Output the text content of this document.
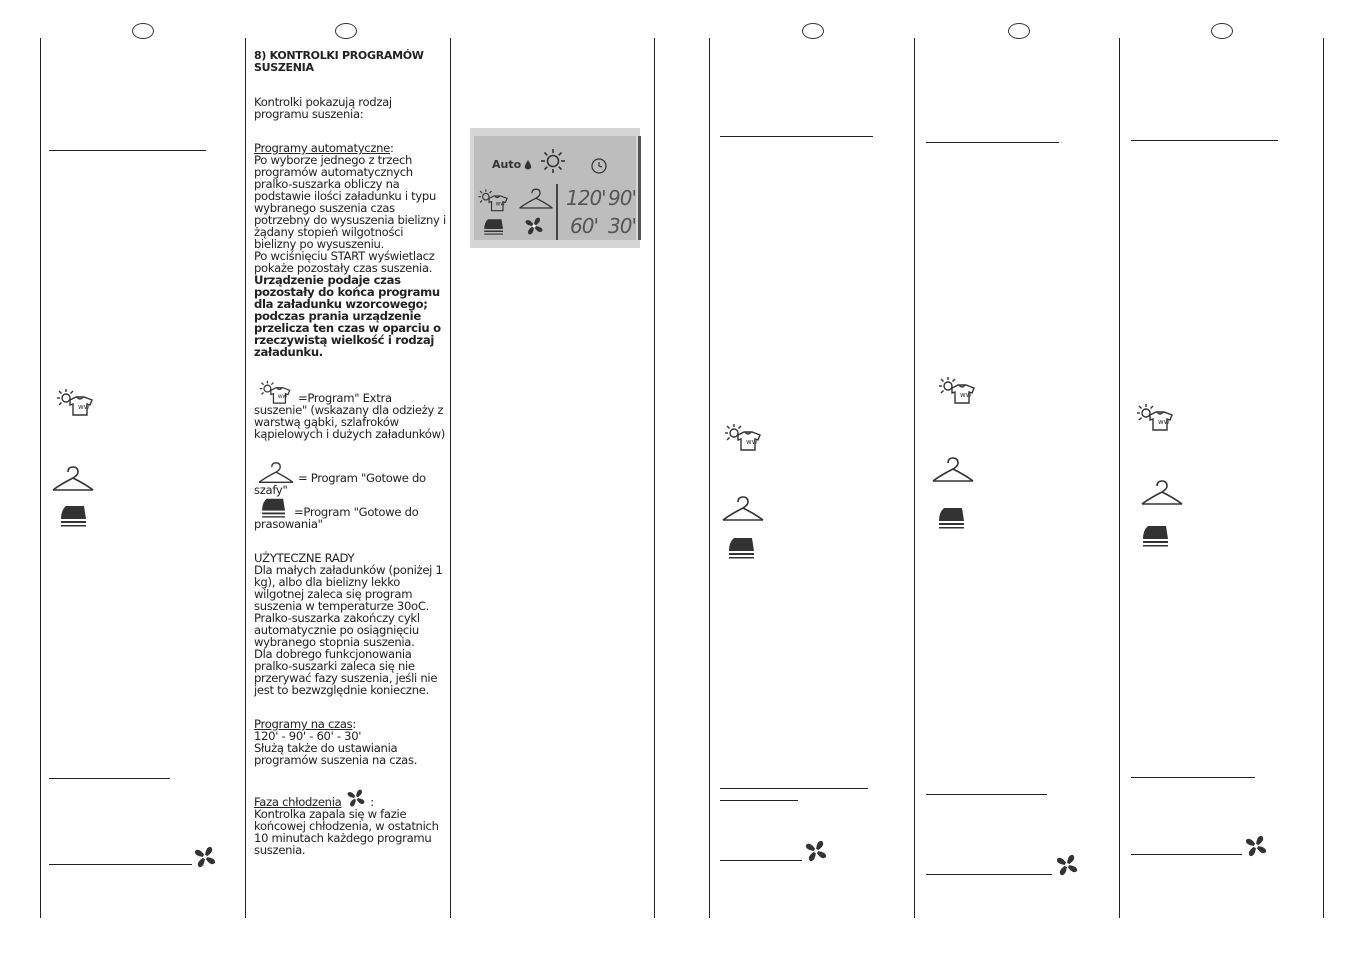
8) KONTROLKI PROGRAMÓW SUSZENIA

Kontrolki pokazują rodzaj programu suszenia:

Programy automatyczne:

Po wyborze jednego z trzech programów automatycznych pralko-suszarka obliczy na podstawie ilości załadunku i typu wybranego suszenia czas potrzebny do wysuszenia bielizny i żądany stopień wilgotności bielizny po wysuszeniu.

Po wciśnięciu START wyświetlacz pokaże pozostały czas suszenia.

Urządzenie podaje czas pozostały do końca programu dla załadunku wzorcowego; podczas prania urządzenie przelicza ten czas w oparciu o rzeczywistą wielkość i rodzaj załadunku.

=Program" Extra suszenie" (wskazany dla odzieży z warstwą gąbki, szlafroków kąpielowych i dużych załadunków)

= Program "Gotowe do szafy"

=Program "Gotowe do prasowania"

UŻYTECZNE RADY

Dla małych załadunków (poniżej 1 kg), albo dla bielizny lekko wilgotnej zaleca się program suszenia w temperaturze 30oC.

Pralko-suszarka zakończy cykl automatycznie po osiągnięciu wybranego stopnia suszenia.

Dla dobrego funkcjonowania pralko-suszarki zaleca się nie przerywać fazy suszenia, jeśli nie jest to bezwzględnie konieczne.

Programy na czas:

120' - 90' - 60' - 30'

Służą także do ustawiania programów suszenia na czas.

Faza chłodzenia  :

Kontrolka zapala się w fazie końcowej chłodzenia, w ostatnich 10 minutach każdego programu suszenia.

Auto
120' 90'
60' 30'
